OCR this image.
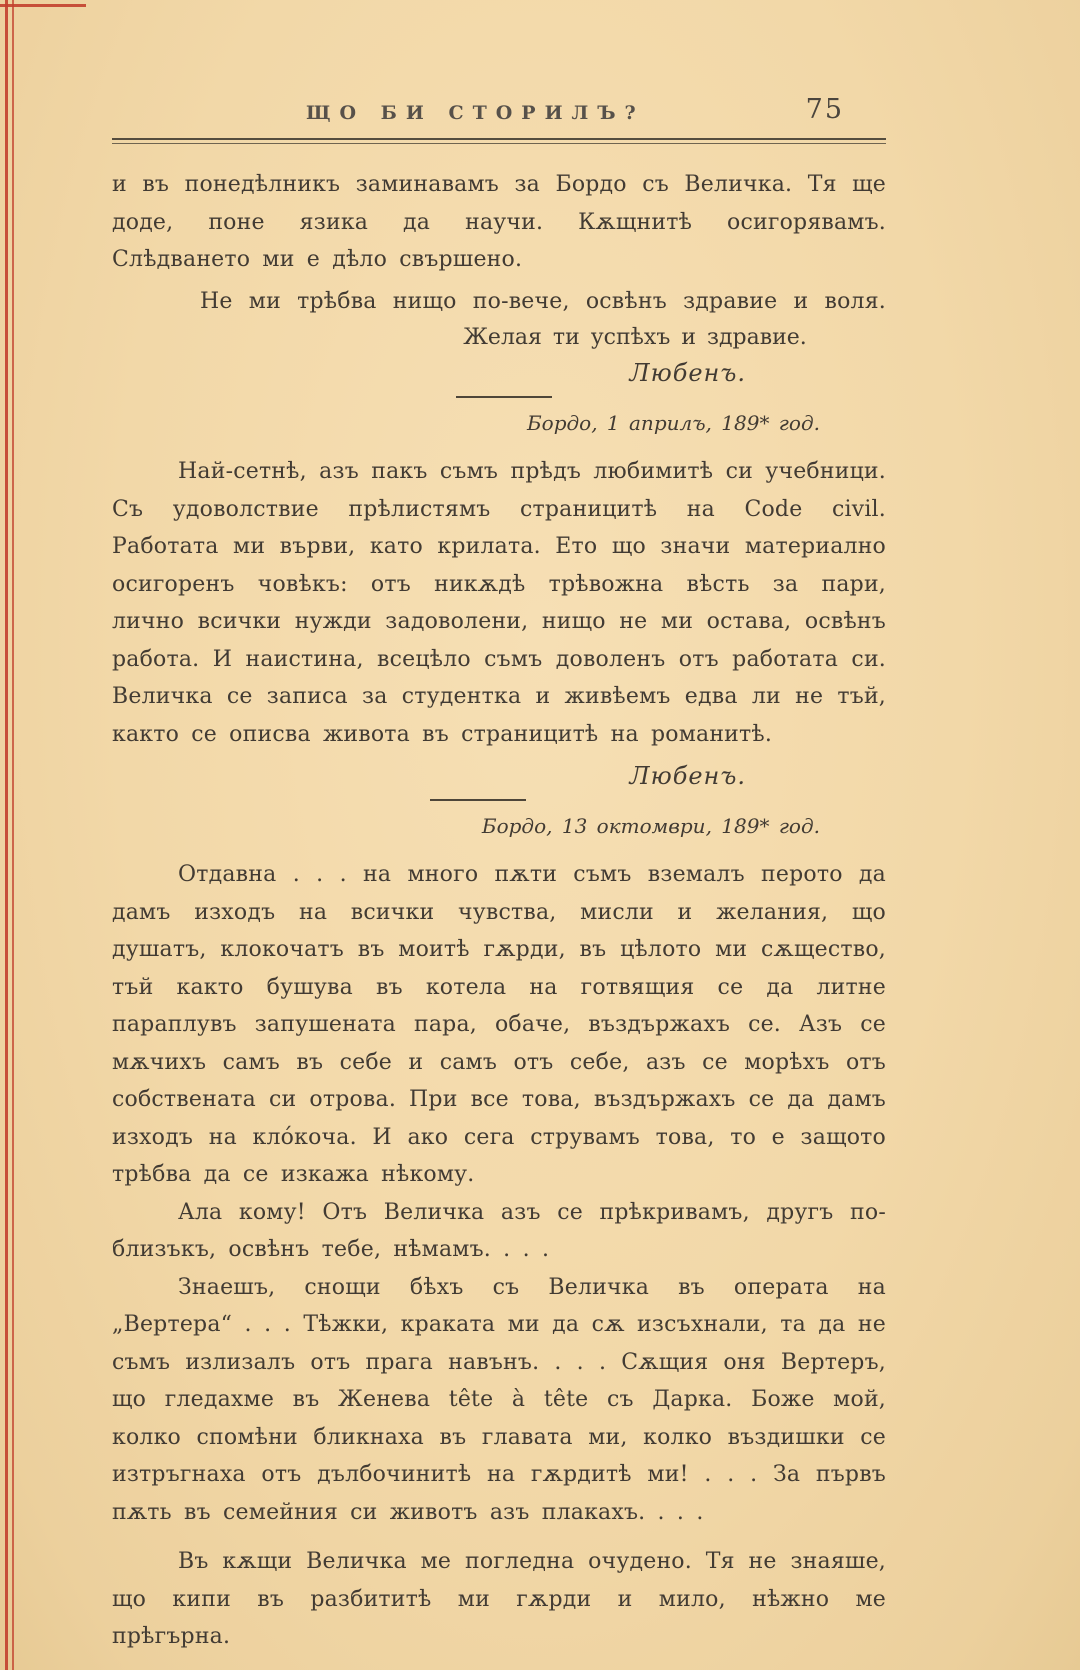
ЩО БИ СТОРИЛЪ?	75

и въ понедѣлникъ заминавамъ за Бордо съ Величка. Тя ще доде, поне язика да научи. Кѫщнитѣ осигорявамъ. Слѣдването ми е дѣло свършено.

Не ми трѣбва нищо по-вече, освѣнъ здравие и воля.

Желая ти успѣхъ и здравие.

Любенъ.

Бордо, 1 априлъ, 189* год.

Най-сетнѣ, азъ пакъ съмъ прѣдъ любимитѣ си учебници. Съ удоволствие прѣлистямъ страницитѣ на Code civil. Работата ми върви, като крилата. Ето що значи материално осигоренъ човѣкъ: отъ никѫдѣ трѣвожна вѣсть за пари, лично всички нужди задоволени, нищо не ми остава, освѣнъ работа. И наистина, всецѣло съмъ доволенъ отъ работата си. Величка се записа за студентка и живѣемъ едва ли не тъй, както се описва живота въ страницитѣ на романитѣ.

Любенъ.

Бордо, 13 октомври, 189* год.

Отдавна . . . на много пѫти съмъ вземалъ перото да дамъ изходъ на всички чувства, мисли и желания, що душатъ, клокочатъ въ моитѣ гѫрди, въ цѣлото ми сѫщество, тъй както бушува въ котела на готвящия се да литне параплувъ запушената пара, обаче, въздържахъ се. Азъ се мѫчихъ самъ въ себе и самъ отъ себе, азъ се морѣхъ отъ собствената си отрова. При все това, въздържахъ се да дамъ изходъ на кло́коча. И ако сега струвамъ това, то е защото трѣбва да се изкажа нѣкому.

Ала кому! Отъ Величка азъ се прѣкривамъ, другъ по-близъкъ, освѣнъ тебе, нѣмамъ. . . .

Знаешъ, снощи бѣхъ съ Величка въ операта на „Вертера“ . . . Тѣжки, краката ми да сѫ изсъхнали, та да не съмъ излизалъ отъ прага навънъ. . . . Сѫщия оня Вертеръ, що гледахме въ Женева tête à tête съ Дарка. Боже мой, колко спомѣни бликнаха въ главата ми, колко въздишки се изтръгнаха отъ дълбочинитѣ на гѫрдитѣ ми! . . . За първъ пѫть въ семейния си животъ азъ плакахъ. . . .

Въ кѫщи Величка ме погледна очудено. Тя не знаяше, що кипи въ разбититѣ ми гѫрди и мило, нѣжно ме прѣгърна.
